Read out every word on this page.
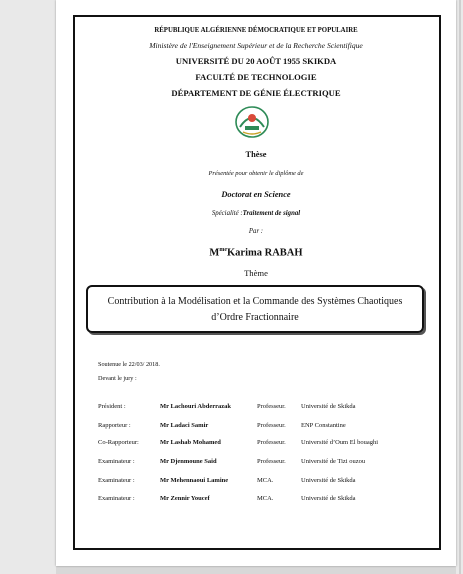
RÉPUBLIQUE ALGÉRIENNE DÉMOCRATIQUE ET POPULAIRE
Ministère de l'Enseignement Supérieur et de la Recherche Scientifique
UNIVERSITÉ DU 20 AOÛT 1955 SKIKDA
FACULTÉ DE TECHNOLOGIE
DÉPARTEMENT DE GÉNIE ÉLECTRIQUE
Thèse
Présentée pour obtenir le diplôme de
Doctorat en Science
Spécialité :Traitement de signal
Par :
$M^{me}Karima$ RABAH
Thème
Contribution à la Modélisation et la Commande des Systèmes Chaotiques
d’Ordre Fractionnaire
Soutenue le 22/03/ 2018.
Devant le jury :
Président :	Mr Lachouri Abderrazak	Professeur. Université de Skikda
Rapporteur :	Mr Ladaci Samir	Professeur. ENP Constantine
Co-Rapporteur:	Mr Lashab Mohamed	Professeur. Université d’Oum El bouaghi
Examinateur :	Mr Djenmoune Said	Professeur. Université de Tizi ouzou
Examinateur :	Mr Mehennaoui Lamine	MCA.	Université de Skikda
Examinateur :	Mr Zennir Youcef	MCA.	Université de Skikda
